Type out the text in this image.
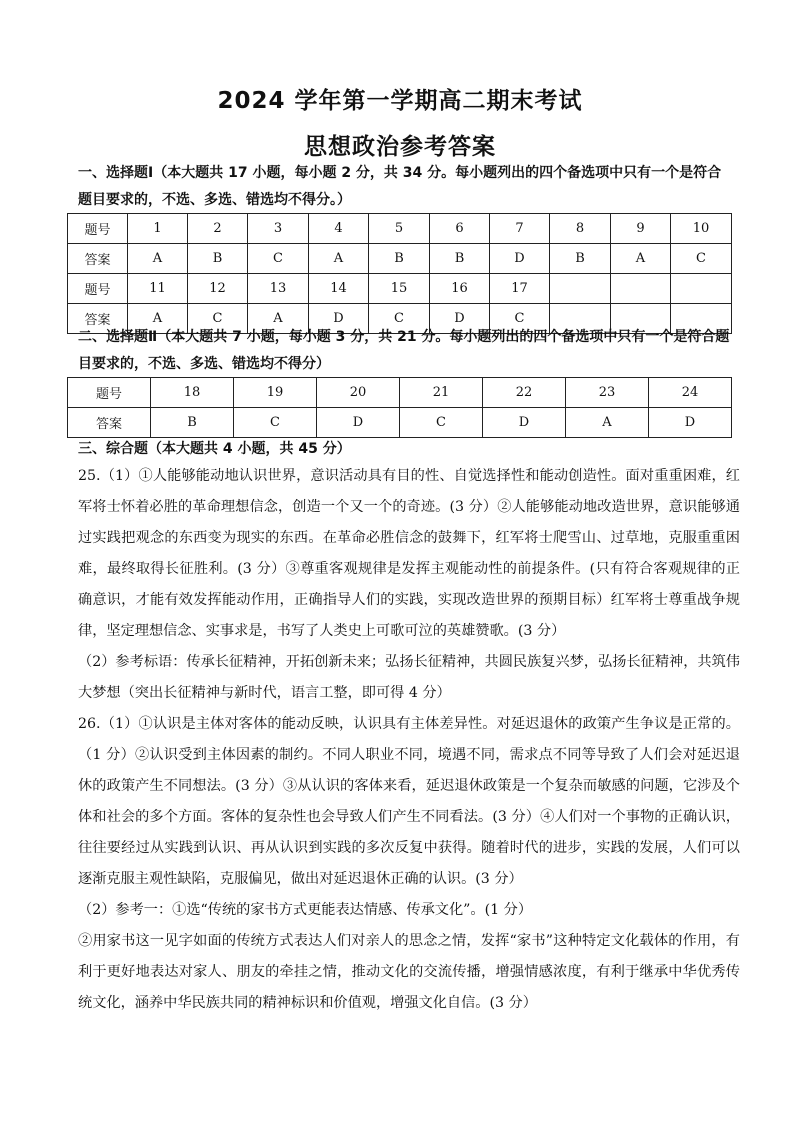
2024 学年第一学期高二期末考试
思想政治参考答案
一、选择题Ⅰ（本大题共 17 小题，每小题 2 分，共 34 分。每小题列出的四个备选项中只有一个是符合题目要求的，不选、多选、错选均不得分。）
题号	1	2	3	4	5	6	7	8	9	10
答案	A	B	C	A	B	B	D	B	A	C
题号	11	12	13	14	15	16	17			
答案	A	C	A	D	C	D	C			
二、选择题Ⅱ（本大题共 7 小题，每小题 3 分，共 21 分。每小题列出的四个备选项中只有一个是符合题目要求的，不选、多选、错选均不得分）
题号	18	19	20	21	22	23	24
答案	B	C	D	C	D	A	D
三、综合题（本大题共 4 小题，共 45 分）
25.（1）①人能够能动地认识世界，意识活动具有目的性、自觉选择性和能动创造性。面对重重困难，红军将士怀着必胜的革命理想信念，创造一个又一个的奇迹。(3 分）②人能够能动地改造世界，意识能够通过实践把观念的东西变为现实的东西。在革命必胜信念的鼓舞下，红军将士爬雪山、过草地，克服重重困难，最终取得长征胜利。(3 分）③尊重客观规律是发挥主观能动性的前提条件。(只有符合客观规律的正确意识，才能有效发挥能动作用，正确指导人们的实践，实现改造世界的预期目标）红军将士尊重战争规律，坚定理想信念、实事求是，书写了人类史上可歌可泣的英雄赞歌。(3 分）
（2）参考标语：传承长征精神，开拓创新未来；弘扬长征精神，共圆民族复兴梦，弘扬长征精神，共筑伟大梦想（突出长征精神与新时代，语言工整，即可得 4 分）
26.（1）①认识是主体对客体的能动反映，认识具有主体差异性。对延迟退休的政策产生争议是正常的。（1 分）②认识受到主体因素的制约。不同人职业不同，境遇不同，需求点不同等导致了人们会对延迟退休的政策产生不同想法。(3 分）③从认识的客体来看，延迟退休政策是一个复杂而敏感的问题，它涉及个体和社会的多个方面。客体的复杂性也会导致人们产生不同看法。(3 分）④人们对一个事物的正确认识，往往要经过从实践到认识、再从认识到实践的多次反复中获得。随着时代的进步，实践的发展，人们可以逐渐克服主观性缺陷，克服偏见，做出对延迟退休正确的认识。(3 分）
（2）参考一：①选“传统的家书方式更能表达情感、传承文化”。(1 分）
②用家书这一见字如面的传统方式表达人们对亲人的思念之情，发挥“家书”这种特定文化载体的作用，有利于更好地表达对家人、朋友的牵挂之情，推动文化的交流传播，增强情感浓度，有利于继承中华优秀传统文化，涵养中华民族共同的精神标识和价值观，增强文化自信。(3 分）
